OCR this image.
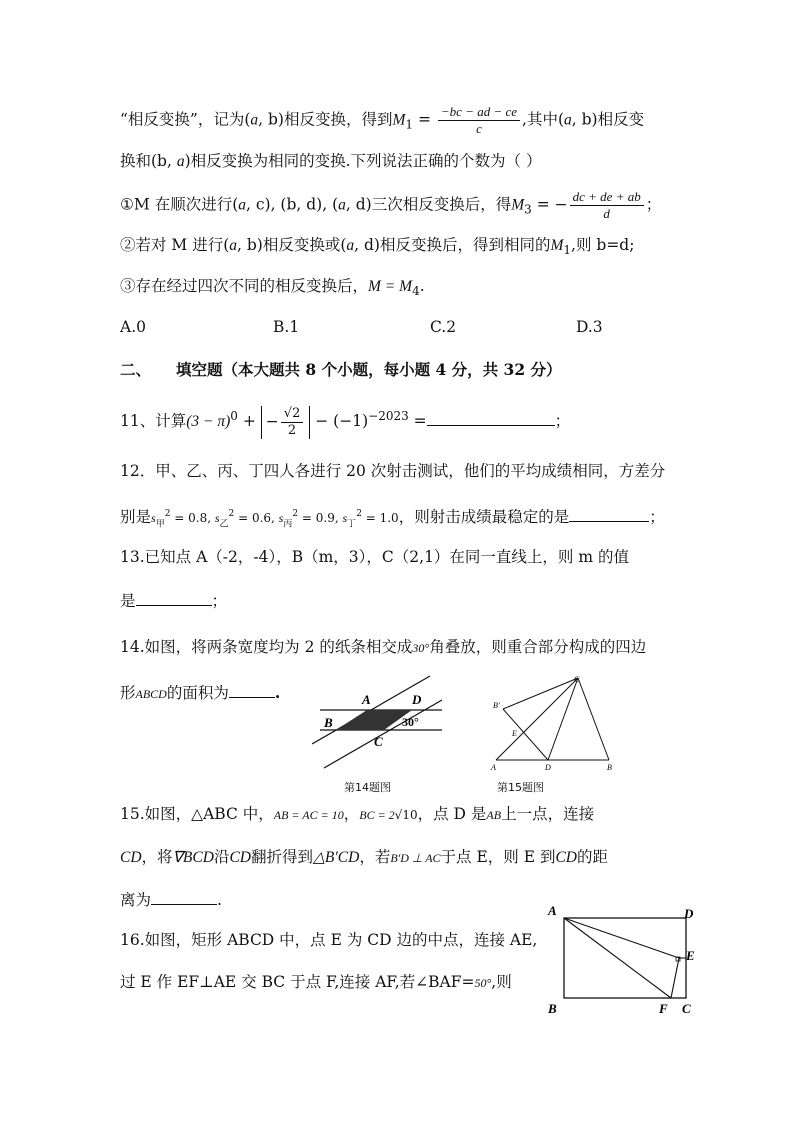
“相反变换”，记为(a, b)相反变换，得到$M_1 = \frac{-bc - ad - ce}{c}$ ,其中(a, b)相反变
换和(b, a)相反变换为相同的变换.下列说法正确的个数为（ ）
①M 在顺次进行(a, c), (b, d), (a, d)三次相反变换后，得$M_3$ = − $\frac{dc + de + ab}{d}$ ；
②若对 M 进行(a, b)相反变换或(a, d)相反变换后，得到相同的$M_1$,则 b=d;
③存在经过四次不同的相反变换后，$M = M_4$.
A.0	B.1	C.2	D.3
二、 填空题（本大题共 8 个小题，每小题 4 分，共 32 分）
11、计算$(3 - \pi)^0$ + − $\frac{√2}{2} - (-1)^{-2023}$ =	；
12．甲、乙、丙、丁四人各进行 20 次射击测试，他们的平均成绩相同，方差分
别是$s_甲^2 = 0.8$, $s_乙^2 = 0.6$, $s_丙^2 = 0.9$, $s_丁^2 = 1.0$，则射击成绩最稳定的是	；
13.已知点 A（-2，-4），B（m，3），C（2,1）在同一直线上，则 m 的值
是	；
14.如图，将两条宽度均为 2 的纸条相交成30°角叠放，则重合部分构成的四边
形ABCD的面积为	.	A
B
C
D
30°
第14题图
C
B'
E
A	D	B
第15题图
15.如图，△ABC 中，AB = AC = 10，BC = 2√10，点 D 是AB上一点，连接
CD，将∇BCD沿CD翻折得到△B′CD，若B′D ⊥ AC于点 E，则 E 到CD的距
离为	.
16.如图，矩形 ABCD 中，点 E 为 CD 边的中点，连接 AE,
过 E 作 EF⊥AE 交 BC 于点 F,连接 AF,若∠BAF=50°,则
A	D
E
B	F C
